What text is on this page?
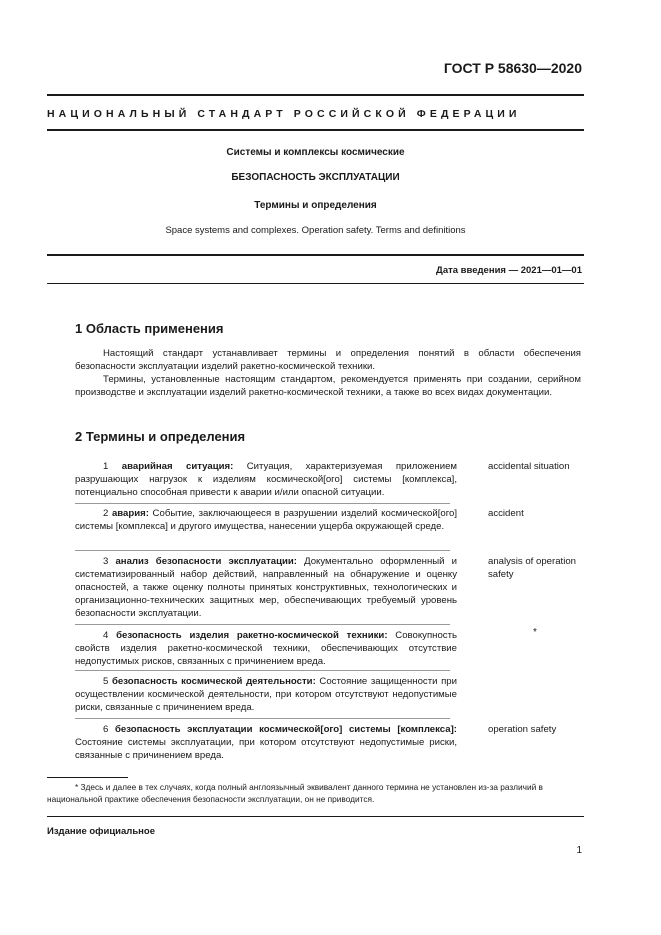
ГОСТ Р 58630—2020
НАЦИОНАЛЬНЫЙ СТАНДАРТ РОССИЙСКОЙ ФЕДЕРАЦИИ
Системы и комплексы космические
БЕЗОПАСНОСТЬ ЭКСПЛУАТАЦИИ
Термины и определения
Space systems and complexes. Operation safety. Terms and definitions
Дата введения — 2021—01—01
1 Область применения
Настоящий стандарт устанавливает термины и определения понятий в области обеспечения безопасности эксплуатации изделий ракетно-космической техники.
Термины, установленные настоящим стандартом, рекомендуется применять при создании, серийном производстве и эксплуатации изделий ракетно-космической техники, а также во всех видах документации.
2 Термины и определения
1 аварийная ситуация: Ситуация, характеризуемая приложением разрушающих нагрузок к изделиям космической[ого] системы [комплекса], потенциально способная привести к аварии и/или опасной ситуации.
accidental situation
2 авария: Событие, заключающееся в разрушении изделий космической[ого] системы [комплекса] и другого имущества, нанесении ущерба окружающей среде.
accident
3 анализ безопасности эксплуатации: Документально оформленный и систематизированный набор действий, направленный на обнаружение и оценку опасностей, а также оценку полноты принятых конструктивных, технологических и организационно-технических защитных мер, обеспечивающих требуемый уровень безопасности эксплуатации.
analysis of operation safety
4 безопасность изделия ракетно-космической техники: Совокупность свойств изделия ракетно-космической техники, обеспечивающих отсутствие недопустимых рисков, связанных с причинением вреда.
*
5 безопасность космической деятельности: Состояние защищенности при осуществлении космической деятельности, при котором отсутствуют недопустимые риски, связанные с причинением вреда.
6 безопасность эксплуатации космической[ого] системы [комплекса]: Состояние системы эксплуатации, при котором отсутствуют недопустимые риски, связанные с причинением вреда.
operation safety
* Здесь и далее в тех случаях, когда полный англоязычный эквивалент данного термина не установлен из-за различий в национальной практике обеспечения безопасности эксплуатации, он не приводится.
Издание официальное
1
